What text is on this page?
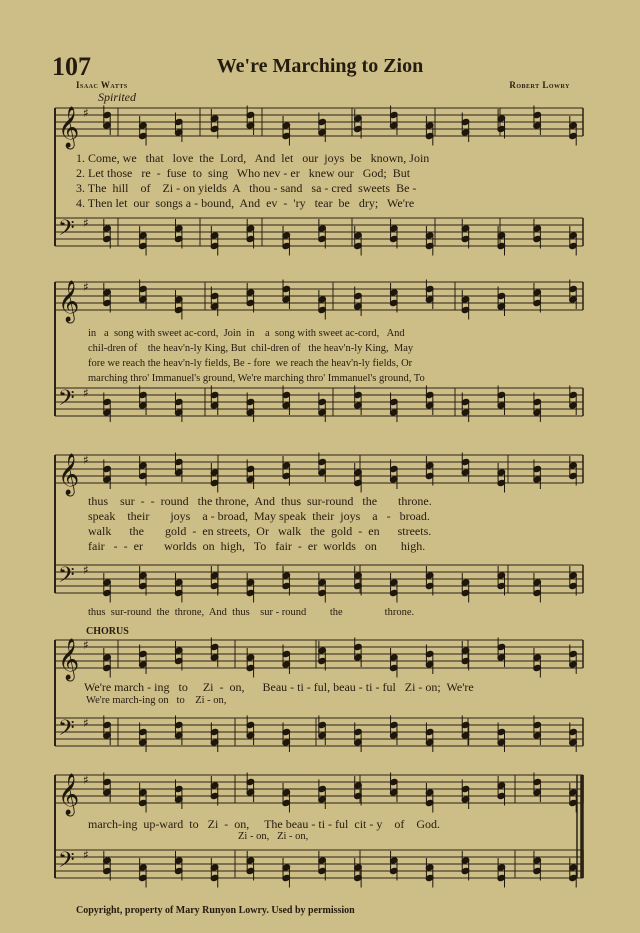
107	We're Marching to Zion
Isaac Watts	Robert Lowry
Spirited
𝄞 ♯
𝄢 ♯
𝄞 ♯
𝄢 ♯
𝄞 ♯
𝄢 ♯
𝄞 ♯
𝄢 ♯
𝄞 ♯
𝄢 ♯
1. Come, we   that   love  the  Lord,   And  let   our  joys  be   known, Join
2. Let those   re  -  fuse  to  sing   Who nev - er   knew our   God;  But
3. The  hill    of    Zi - on yields  A   thou - sand   sa - cred  sweets  Be -
4. Then let  our  songs a - bound,  And  ev  -  'ry   tear  be   dry;   We're
in   a  song with sweet ac-cord,  Join  in    a  song with sweet ac-cord,   And
chil-dren of    the heav'n-ly King, But  chil-dren of   the heav'n-ly King,  May
fore we reach the heav'n-ly fields, Be - fore  we reach the heav'n-ly fields, Or
marching thro' Immanuel's ground, We're marching thro' Immanuel's ground, To
thus    sur  -  -  round   the throne,  And  thus  sur-round   the       throne.
speak    their       joys    a - broad,  May speak  their  joys    a   -   broad.
walk      the       gold  -  en streets,  Or   walk   the  gold  -  en      streets.
fair   -  -  er       worlds  on  high,   To   fair  -  er  worlds   on        high.
thus  sur-round  the  throne,  And  thus    sur - round         the                throne.
CHORUS
We're march - ing   to     Zi  -  on,      Beau - ti - ful, beau - ti - ful   Zi - on;  We're
We're march-ing on   to    Zi - on,
march-ing  up-ward  to   Zi  -  on,     The beau - ti - ful  cit - y    of    God.
Zi - on,   Zi - on,
Copyright, property of Mary Runyon Lowry. Used by permission
